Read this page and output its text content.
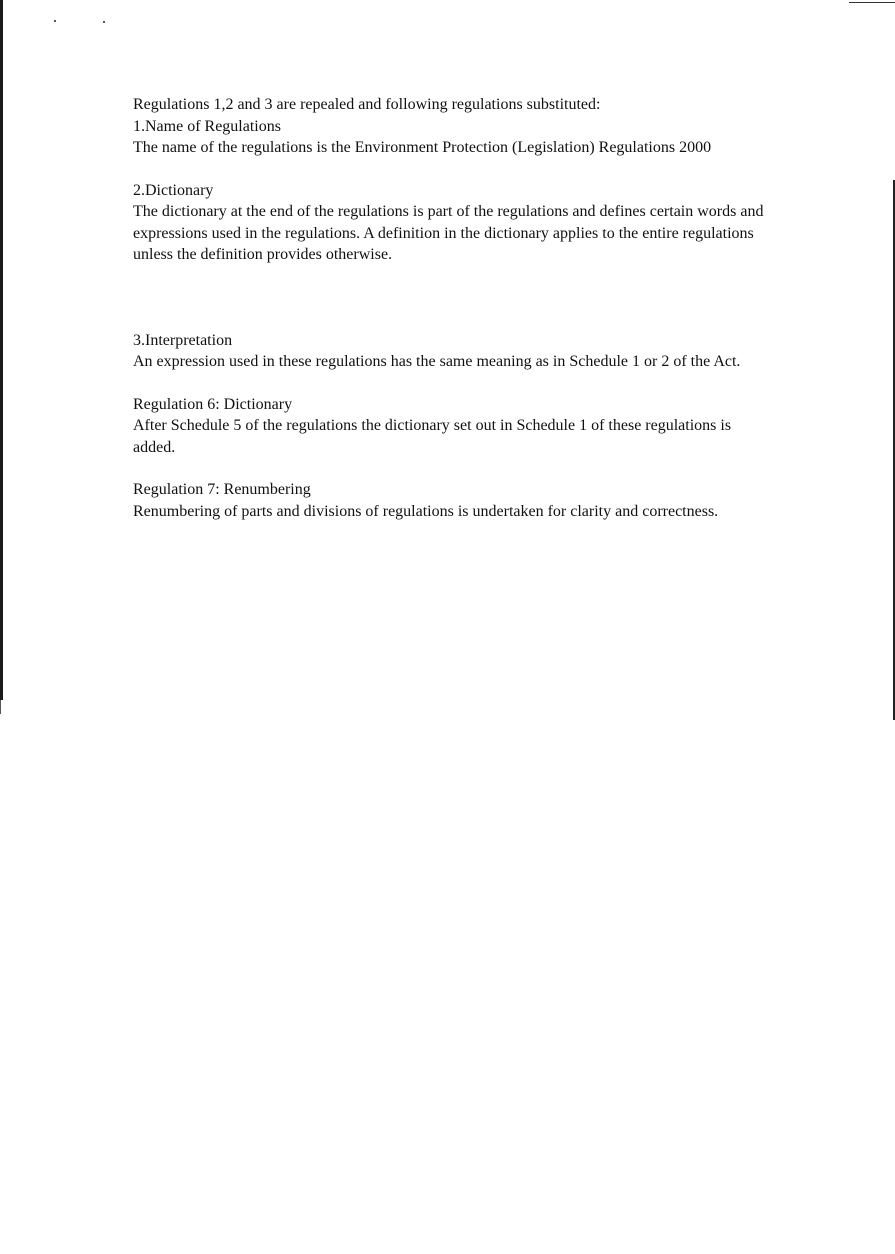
Regulations 1,2 and 3 are repealed and following regulations substituted:

1.Name of Regulations
The name of the regulations is the Environment Protection (Legislation) Regulations 2000
2.Dictionary
The dictionary at the end of the regulations is part of the regulations and defines certain words and expressions used in the regulations. A definition in the dictionary applies to the entire regulations unless the definition provides otherwise.
3.Interpretation
An expression used in these regulations has the same meaning as in Schedule 1 or 2 of the Act.
Regulation 6: Dictionary
After Schedule 5 of the regulations the dictionary set out in Schedule 1 of these regulations is added.
Regulation 7: Renumbering
Renumbering of parts and divisions of regulations is undertaken for clarity and correctness.
